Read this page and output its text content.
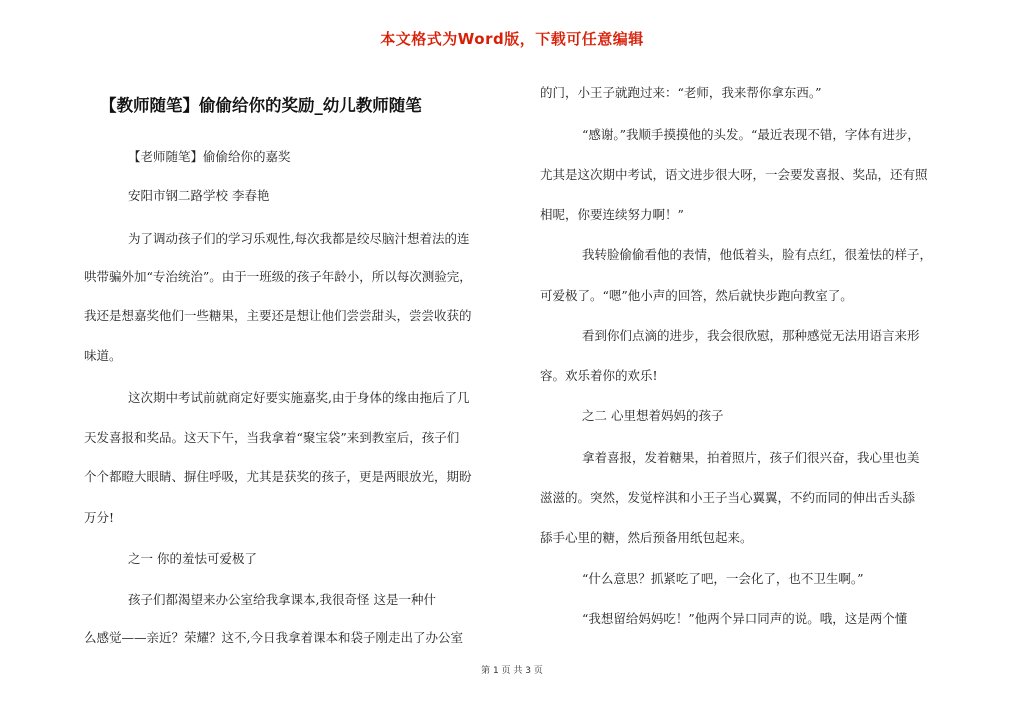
本文格式为Word版，下载可任意编辑
【教师随笔】偷偷给你的奖励_幼儿教师随笔
【老师随笔】偷偷给你的嘉奖
安阳市钢二路学校 李春艳
为了调动孩子们的学习乐观性,每次我都是绞尽脑汁想着法的连
哄带骗外加“专治统治”。由于一班级的孩子年龄小，所以每次测验完，
我还是想嘉奖他们一些糖果，主要还是想让他们尝尝甜头，尝尝收获的
味道。
这次期中考试前就商定好要实施嘉奖,由于身体的缘由拖后了几
天发喜报和奖品。这天下午，当我拿着“聚宝袋”来到教室后，孩子们
个个都瞪大眼睛、摒住呼吸，尤其是获奖的孩子，更是两眼放光，期盼
万分!
之一 你的羞怯可爱极了
孩子们都渴望来办公室给我拿课本,我很奇怪 这是一种什
么感觉——亲近？荣耀？这不,今日我拿着课本和袋子刚走出了办公室
的门，小王子就跑过来：“老师，我来帮你拿东西。”
“感谢。”我顺手摸摸他的头发。“最近表现不错，字体有进步，
尤其是这次期中考试，语文进步很大呀，一会要发喜报、奖品，还有照
相呢，你要连续努力啊！”
我转脸偷偷看他的表情，他低着头，脸有点红，很羞怯的样子，
可爱极了。“嗯”他小声的回答，然后就快步跑向教室了。
看到你们点滴的进步，我会很欣慰，那种感觉无法用语言来形
容。欢乐着你的欢乐!
之二 心里想着妈妈的孩子
拿着喜报，发着糖果，拍着照片，孩子们很兴奋，我心里也美
滋滋的。突然，发觉梓淇和小王子当心翼翼，不约而同的伸出舌头舔
舔手心里的糖，然后预备用纸包起来。
“什么意思？抓紧吃了吧，一会化了，也不卫生啊。”
“我想留给妈妈吃！”他两个异口同声的说。哦，这是两个懂
第 1 页 共 3 页
